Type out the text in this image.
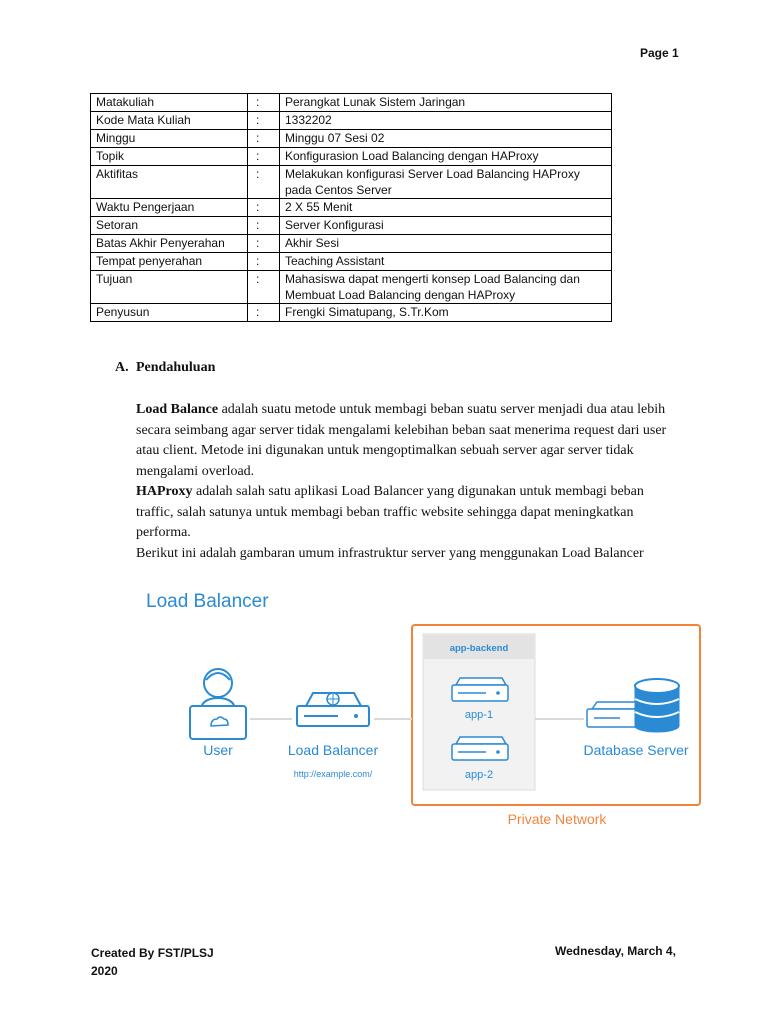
Page 1
Matakuliah	:	Perangkat Lunak Sistem Jaringan

Kode Mata Kuliah	:	1332202

Minggu	:	Minggu 07 Sesi 02

Topik	:	Konfigurasion Load Balancing dengan HAProxy

Aktifitas	:	Melakukan konfigurasi Server Load Balancing HAProxy
pada Centos Server

Waktu Pengerjaan	:	2 X 55 Menit

Setoran	:	Server Konfigurasi

Batas Akhir Penyerahan	:	Akhir Sesi

Tempat penyerahan	:	Teaching Assistant

Tujuan	:	Mahasiswa dapat mengerti konsep Load Balancing dan
Membuat Load Balancing dengan HAProxy

Penyusun	:	Frengki Simatupang, S.Tr.Kom
A. Pendahuluan

Load Balance adalah suatu metode untuk membagi beban suatu server menjadi dua atau lebih secara seimbang agar server tidak mengalami kelebihan beban saat menerima request dari user atau client. Metode ini digunakan untuk mengoptimalkan sebuah server agar server tidak mengalami overload.

HAProxy adalah salah satu aplikasi Load Balancer yang digunakan untuk membagi beban traffic, salah satunya untuk membagi beban traffic website sehingga dapat meningkatkan performa.

Berikut ini adalah gambaran umum infrastruktur server yang menggunakan Load Balancer

Load Balancer
app-backend
User	Load Balancer
http://example.com/
app-1
app-2
Database Server
Private Network
Created By FST/PLSJ
2020
Wednesday, March 4,
